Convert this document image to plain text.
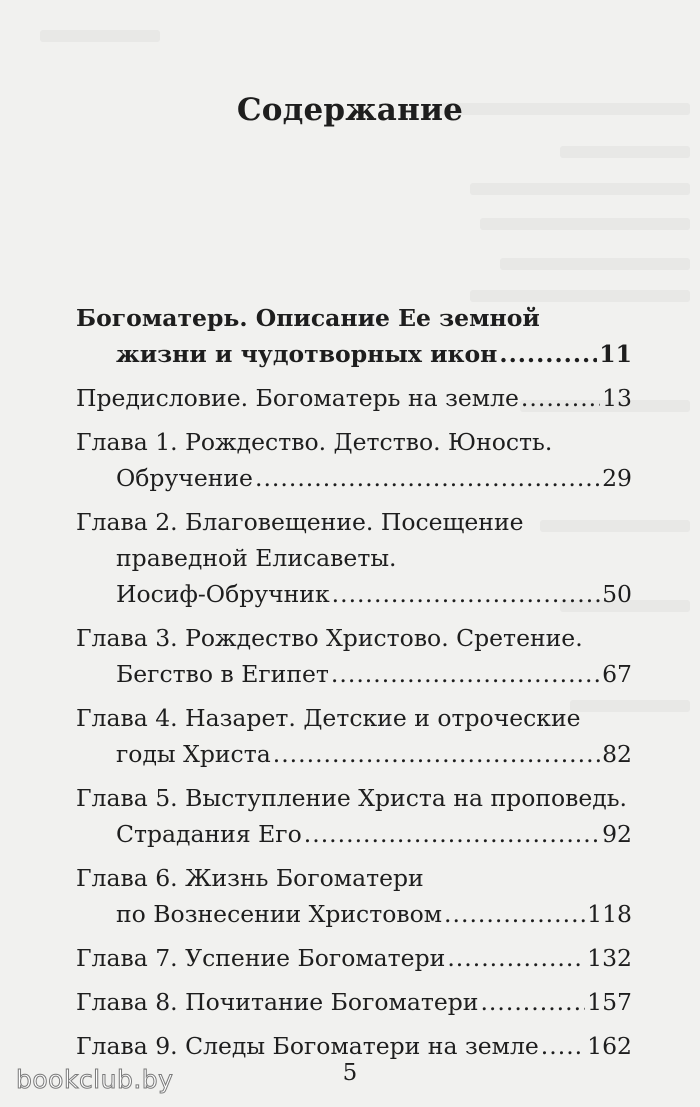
Содержание
Богоматерь. Описание Ее земной
жизни и чудотворных икон .....	11
Предисловие. Богоматерь на земле .....	13
Глава 1. Рождество. Детство. Юность.
Обручение .....	29
Глава 2. Благовещение. Посещение
праведной Елисаветы.
Иосиф-Обручник .....	50
Глава 3. Рождество Христово. Сретение.
Бегство в Египет .....	67
Глава 4. Назарет. Детские и отроческие
годы Христа .....	82
Глава 5. Выступление Христа на проповедь.
Страдания Его .....	92
Глава 6. Жизнь Богоматери
по Вознесении Христовом .....	118
Глава 7. Успение Богоматери .....	132
Глава 8. Почитание Богоматери .....	157
Глава 9. Следы Богоматери на земле ..... 162
5
bookclub.by
